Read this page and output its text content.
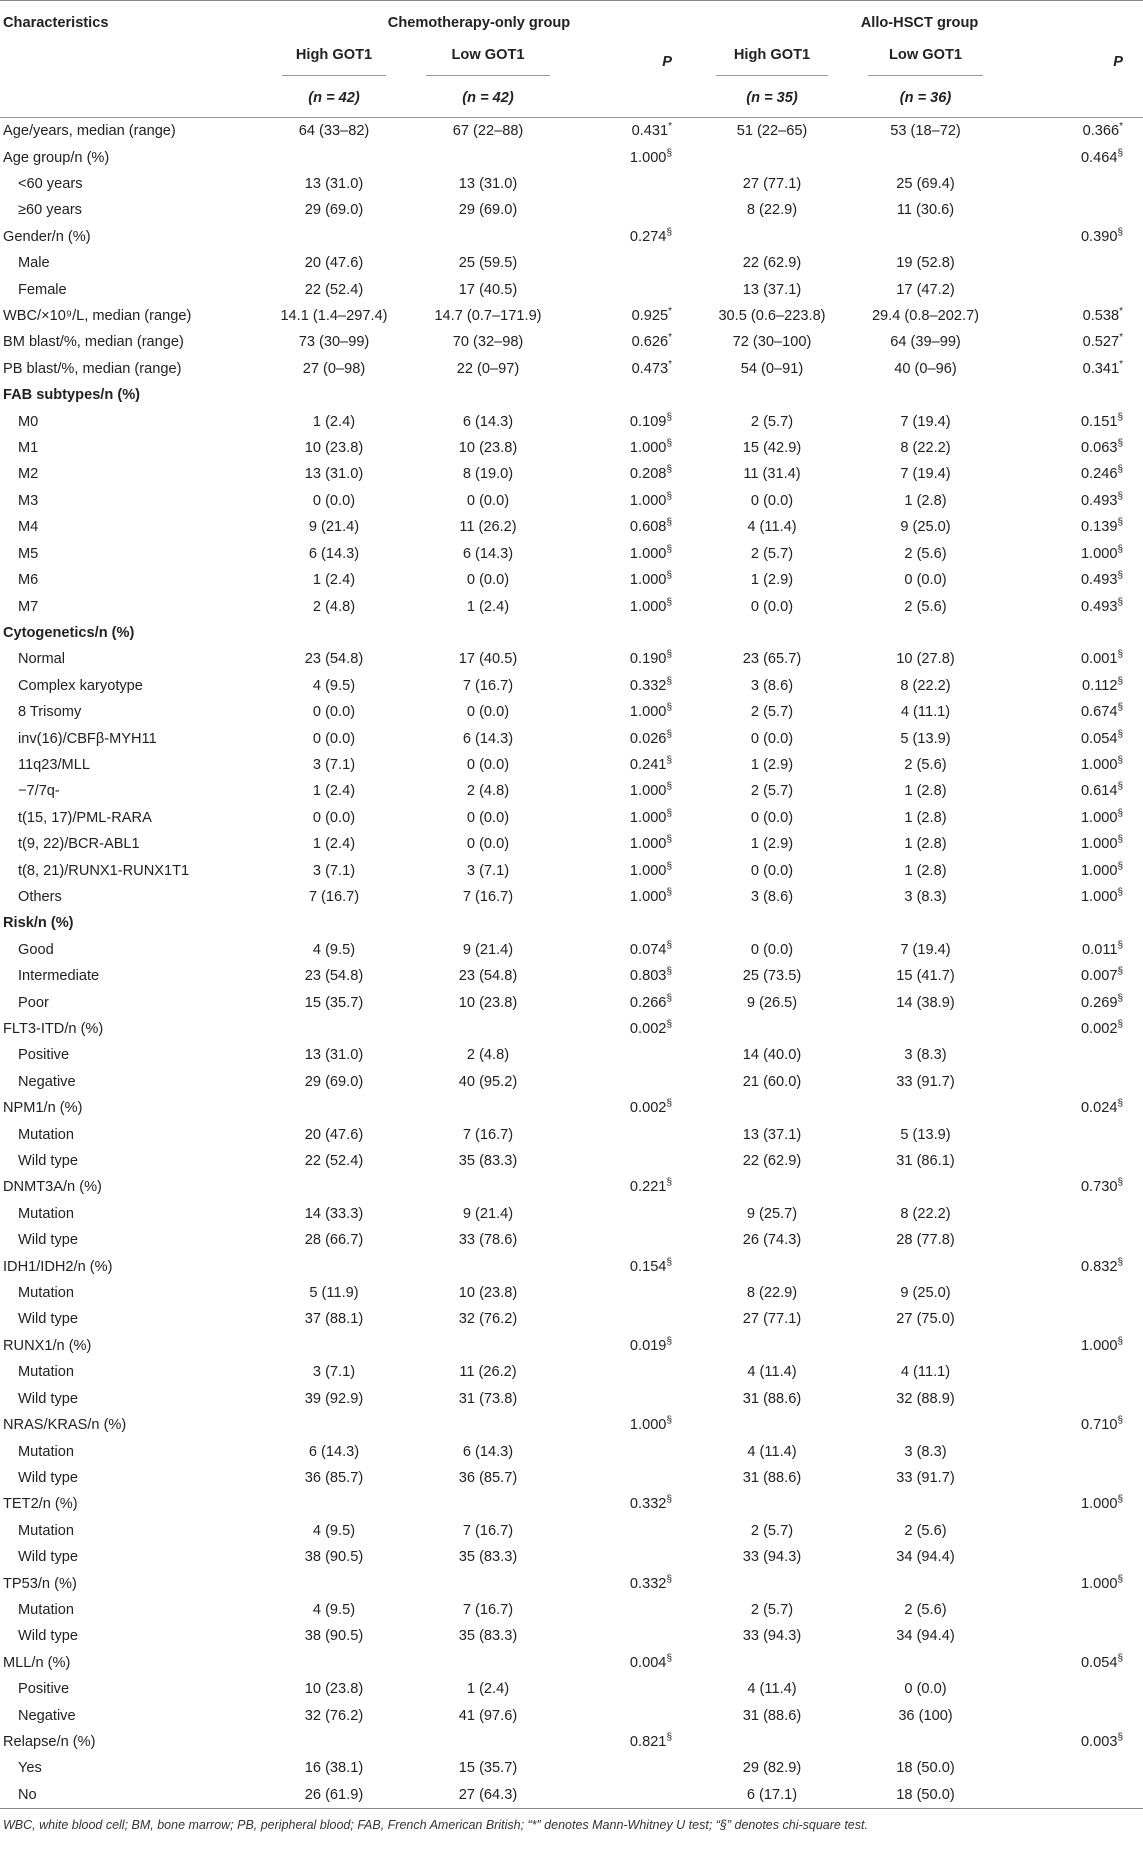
Characteristics	Chemotherapy-only group			Allo-HSCT group		

	High GOT1	Low GOT1	P	High GOT1	Low GOT1	P
	(n = 42)	(n = 42)		(n = 35)	(n = 36)	
Age/years, median (range)	64 (33–82)	67 (22–88)	0.431*	51 (22–65)	53 (18–72)	0.366*
Age group/n (%)			1.000§			0.464§
<60 years	13 (31.0)	13 (31.0)		27 (77.1)	25 (69.4)	
≥60 years	29 (69.0)	29 (69.0)		8 (22.9)	11 (30.6)	
Gender/n (%)			0.274§			0.390§
Male	20 (47.6)	25 (59.5)		22 (62.9)	19 (52.8)	
Female	22 (52.4)	17 (40.5)		13 (37.1)	17 (47.2)	
WBC/×10⁹/L, median (range)	14.1 (1.4–297.4)	14.7 (0.7–171.9)	0.925*	30.5 (0.6–223.8)	29.4 (0.8–202.7)	0.538*
BM blast/%, median (range)	73 (30–99)	70 (32–98)	0.626*	72 (30–100)	64 (39–99)	0.527*
PB blast/%, median (range)	27 (0–98)	22 (0–97)	0.473*	54 (0–91)	40 (0–96)	0.341*
FAB subtypes/n (%)						
M0	1 (2.4)	6 (14.3)	0.109§	2 (5.7)	7 (19.4)	0.151§
M1	10 (23.8)	10 (23.8)	1.000§	15 (42.9)	8 (22.2)	0.063§
M2	13 (31.0)	8 (19.0)	0.208§	11 (31.4)	7 (19.4)	0.246§
M3	0 (0.0)	0 (0.0)	1.000§	0 (0.0)	1 (2.8)	0.493§
M4	9 (21.4)	11 (26.2)	0.608§	4 (11.4)	9 (25.0)	0.139§
M5	6 (14.3)	6 (14.3)	1.000§	2 (5.7)	2 (5.6)	1.000§
M6	1 (2.4)	0 (0.0)	1.000§	1 (2.9)	0 (0.0)	0.493§
M7	2 (4.8)	1 (2.4)	1.000§	0 (0.0)	2 (5.6)	0.493§
Cytogenetics/n (%)						
Normal	23 (54.8)	17 (40.5)	0.190§	23 (65.7)	10 (27.8)	0.001§
Complex karyotype	4 (9.5)	7 (16.7)	0.332§	3 (8.6)	8 (22.2)	0.112§
8 Trisomy	0 (0.0)	0 (0.0)	1.000§	2 (5.7)	4 (11.1)	0.674§
inv(16)/CBFβ-MYH11	0 (0.0)	6 (14.3)	0.026§	0 (0.0)	5 (13.9)	0.054§
11q23/MLL	3 (7.1)	0 (0.0)	0.241§	1 (2.9)	2 (5.6)	1.000§
−7/7q-	1 (2.4)	2 (4.8)	1.000§	2 (5.7)	1 (2.8)	0.614§
t(15, 17)/PML-RARA	0 (0.0)	0 (0.0)	1.000§	0 (0.0)	1 (2.8)	1.000§
t(9, 22)/BCR-ABL1	1 (2.4)	0 (0.0)	1.000§	1 (2.9)	1 (2.8)	1.000§
t(8, 21)/RUNX1-RUNX1T1	3 (7.1)	3 (7.1)	1.000§	0 (0.0)	1 (2.8)	1.000§
Others	7 (16.7)	7 (16.7)	1.000§	3 (8.6)	3 (8.3)	1.000§
Risk/n (%)						
Good	4 (9.5)	9 (21.4)	0.074§	0 (0.0)	7 (19.4)	0.011§
Intermediate	23 (54.8)	23 (54.8)	0.803§	25 (73.5)	15 (41.7)	0.007§
Poor	15 (35.7)	10 (23.8)	0.266§	9 (26.5)	14 (38.9)	0.269§
FLT3-ITD/n (%)			0.002§			0.002§
Positive	13 (31.0)	2 (4.8)		14 (40.0)	3 (8.3)	
Negative	29 (69.0)	40 (95.2)		21 (60.0)	33 (91.7)	
NPM1/n (%)			0.002§			0.024§
Mutation	20 (47.6)	7 (16.7)		13 (37.1)	5 (13.9)	
Wild type	22 (52.4)	35 (83.3)		22 (62.9)	31 (86.1)	
DNMT3A/n (%)			0.221§			0.730§
Mutation	14 (33.3)	9 (21.4)		9 (25.7)	8 (22.2)	
Wild type	28 (66.7)	33 (78.6)		26 (74.3)	28 (77.8)	
IDH1/IDH2/n (%)			0.154§			0.832§
Mutation	5 (11.9)	10 (23.8)		8 (22.9)	9 (25.0)	
Wild type	37 (88.1)	32 (76.2)		27 (77.1)	27 (75.0)	
RUNX1/n (%)			0.019§			1.000§
Mutation	3 (7.1)	11 (26.2)		4 (11.4)	4 (11.1)	
Wild type	39 (92.9)	31 (73.8)		31 (88.6)	32 (88.9)	
NRAS/KRAS/n (%)			1.000§			0.710§
Mutation	6 (14.3)	6 (14.3)		4 (11.4)	3 (8.3)	
Wild type	36 (85.7)	36 (85.7)		31 (88.6)	33 (91.7)	
TET2/n (%)			0.332§			1.000§
Mutation	4 (9.5)	7 (16.7)		2 (5.7)	2 (5.6)	
Wild type	38 (90.5)	35 (83.3)		33 (94.3)	34 (94.4)	
TP53/n (%)			0.332§			1.000§
Mutation	4 (9.5)	7 (16.7)		2 (5.7)	2 (5.6)	
Wild type	38 (90.5)	35 (83.3)		33 (94.3)	34 (94.4)	
MLL/n (%)			0.004§			0.054§
Positive	10 (23.8)	1 (2.4)		4 (11.4)	0 (0.0)	
Negative	32 (76.2)	41 (97.6)		31 (88.6)	36 (100)	
Relapse/n (%)			0.821§			0.003§
Yes	16 (38.1)	15 (35.7)		29 (82.9)	18 (50.0)	
No	26 (61.9)	27 (64.3)		6 (17.1)	18 (50.0)	
WBC, white blood cell; BM, bone marrow; PB, peripheral blood; FAB, French American British; “*” denotes Mann-Whitney U test; “§” denotes chi-square test.
